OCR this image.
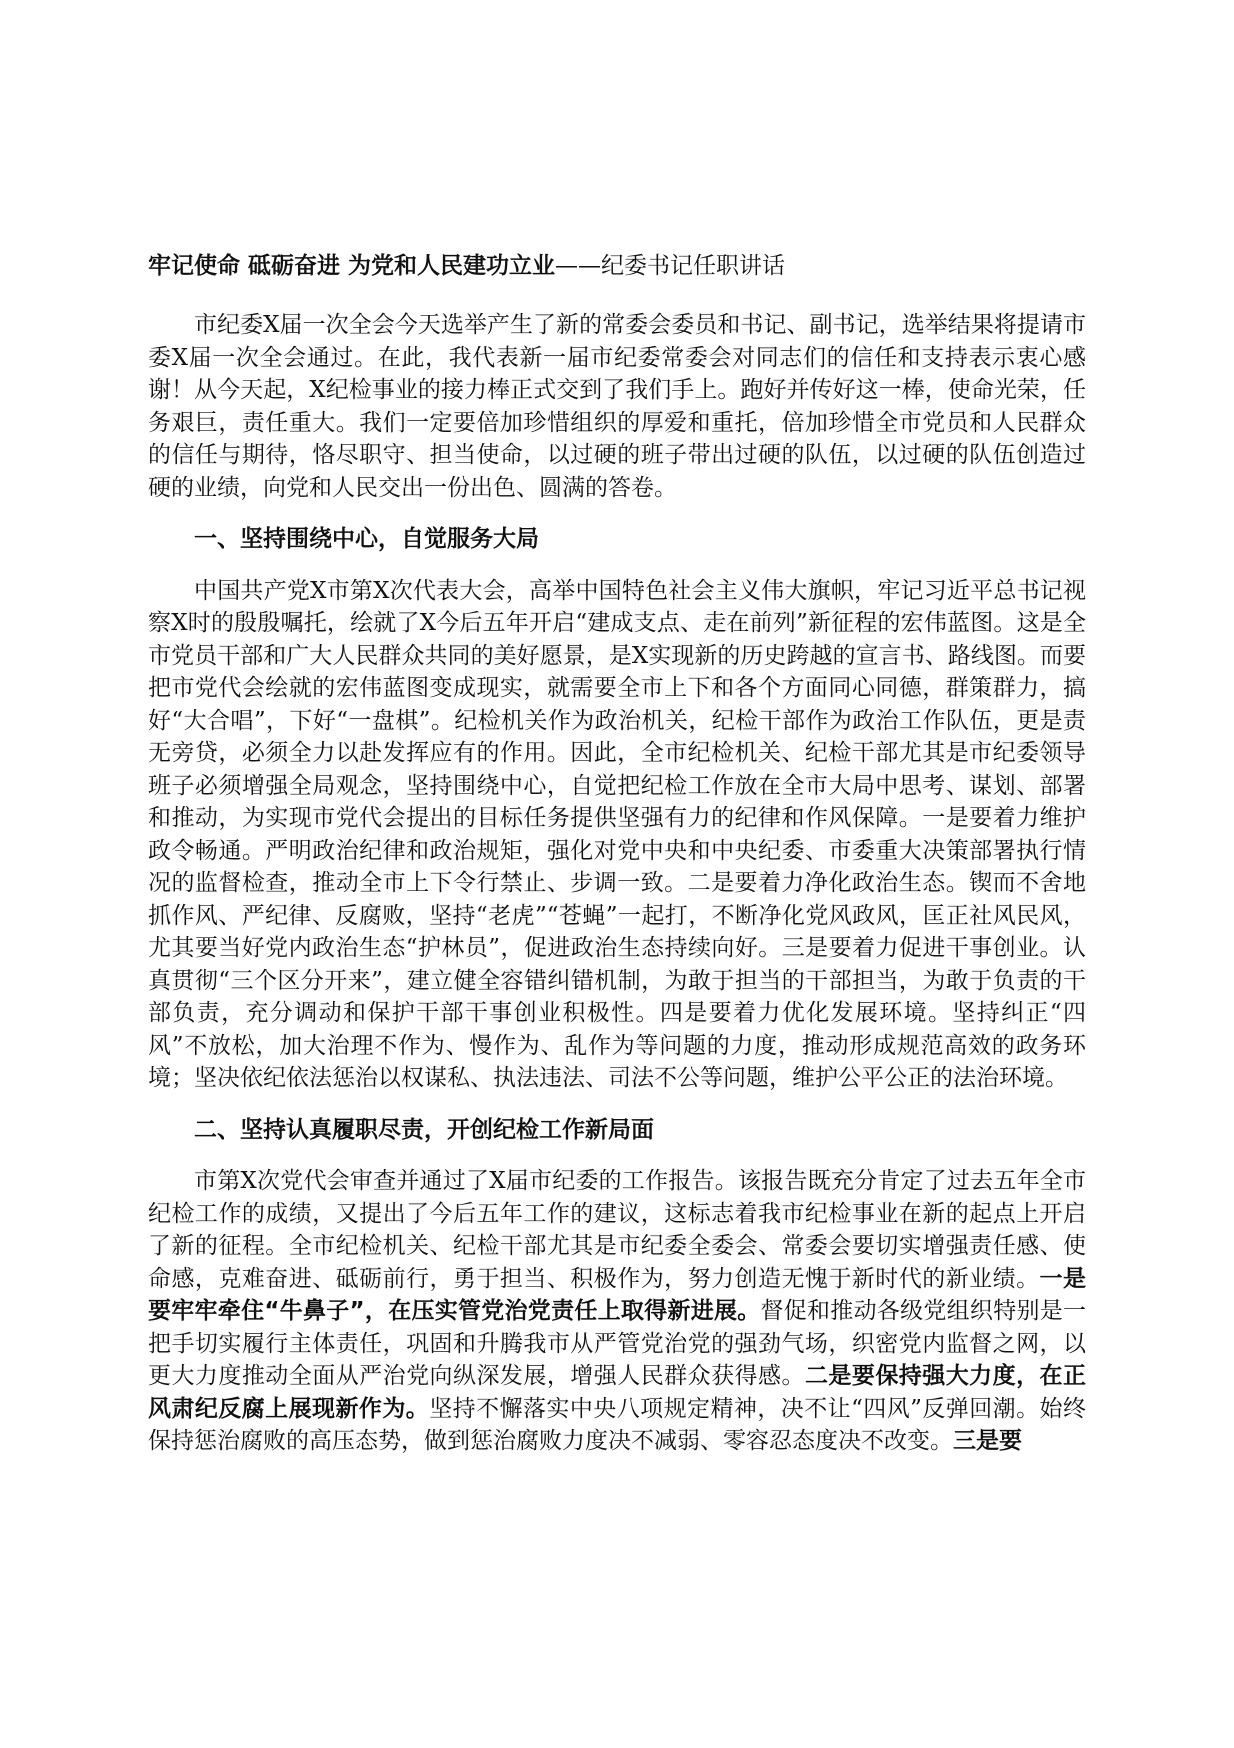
牢记使命 砥砺奋进 为党和人民建功立业——纪委书记任职讲话

市纪委X届一次全会今天选举产生了新的常委会委员和书记、副书记，选举结果将提请市委X届一次全会通过。在此，我代表新一届市纪委常委会对同志们的信任和支持表示衷心感谢！从今天起，X纪检事业的接力棒正式交到了我们手上。跑好并传好这一棒，使命光荣，任务艰巨，责任重大。我们一定要倍加珍惜组织的厚爱和重托，倍加珍惜全市党员和人民群众的信任与期待，恪尽职守、担当使命，以过硬的班子带出过硬的队伍，以过硬的队伍创造过硬的业绩，向党和人民交出一份出色、圆满的答卷。

一、坚持围绕中心，自觉服务大局

中国共产党X市第X次代表大会，高举中国特色社会主义伟大旗帜，牢记习近平总书记视察X时的殷殷嘱托，绘就了X今后五年开启“建成支点、走在前列”新征程的宏伟蓝图。这是全市党员干部和广大人民群众共同的美好愿景，是X实现新的历史跨越的宣言书、路线图。而要把市党代会绘就的宏伟蓝图变成现实，就需要全市上下和各个方面同心同德，群策群力，搞好“大合唱”，下好“一盘棋”。纪检机关作为政治机关，纪检干部作为政治工作队伍，更是责无旁贷，必须全力以赴发挥应有的作用。因此，全市纪检机关、纪检干部尤其是市纪委领导班子必须增强全局观念，坚持围绕中心，自觉把纪检工作放在全市大局中思考、谋划、部署和推动，为实现市党代会提出的目标任务提供坚强有力的纪律和作风保障。一是要着力维护政令畅通。严明政治纪律和政治规矩，强化对党中央和中央纪委、市委重大决策部署执行情况的监督检查，推动全市上下令行禁止、步调一致。二是要着力净化政治生态。锲而不舍地抓作风、严纪律、反腐败，坚持“老虎”“苍蝇”一起打，不断净化党风政风，匡正社风民风，尤其要当好党内政治生态“护林员”，促进政治生态持续向好。三是要着力促进干事创业。认真贯彻“三个区分开来”，建立健全容错纠错机制，为敢于担当的干部担当，为敢于负责的干部负责，充分调动和保护干部干事创业积极性。四是要着力优化发展环境。坚持纠正“四风”不放松，加大治理不作为、慢作为、乱作为等问题的力度，推动形成规范高效的政务环境；坚决依纪依法惩治以权谋私、执法违法、司法不公等问题，维护公平公正的法治环境。

二、坚持认真履职尽责，开创纪检工作新局面

市第X次党代会审查并通过了X届市纪委的工作报告。该报告既充分肯定了过去五年全市纪检工作的成绩，又提出了今后五年工作的建议，这标志着我市纪检事业在新的起点上开启了新的征程。全市纪检机关、纪检干部尤其是市纪委全委会、常委会要切实增强责任感、使命感，克难奋进、砥砺前行，勇于担当、积极作为，努力创造无愧于新时代的新业绩。一是要牢牢牵住“牛鼻子”，在压实管党治党责任上取得新进展。督促和推动各级党组织特别是一把手切实履行主体责任，巩固和升腾我市从严管党治党的强劲气场，织密党内监督之网，以更大力度推动全面从严治党向纵深发展，增强人民群众获得感。二是要保持强大力度，在正风肃纪反腐上展现新作为。坚持不懈落实中央八项规定精神，决不让“四风”反弹回潮。始终保持惩治腐败的高压态势，做到惩治腐败力度决不减弱、零容忍态度决不改变。三是要
